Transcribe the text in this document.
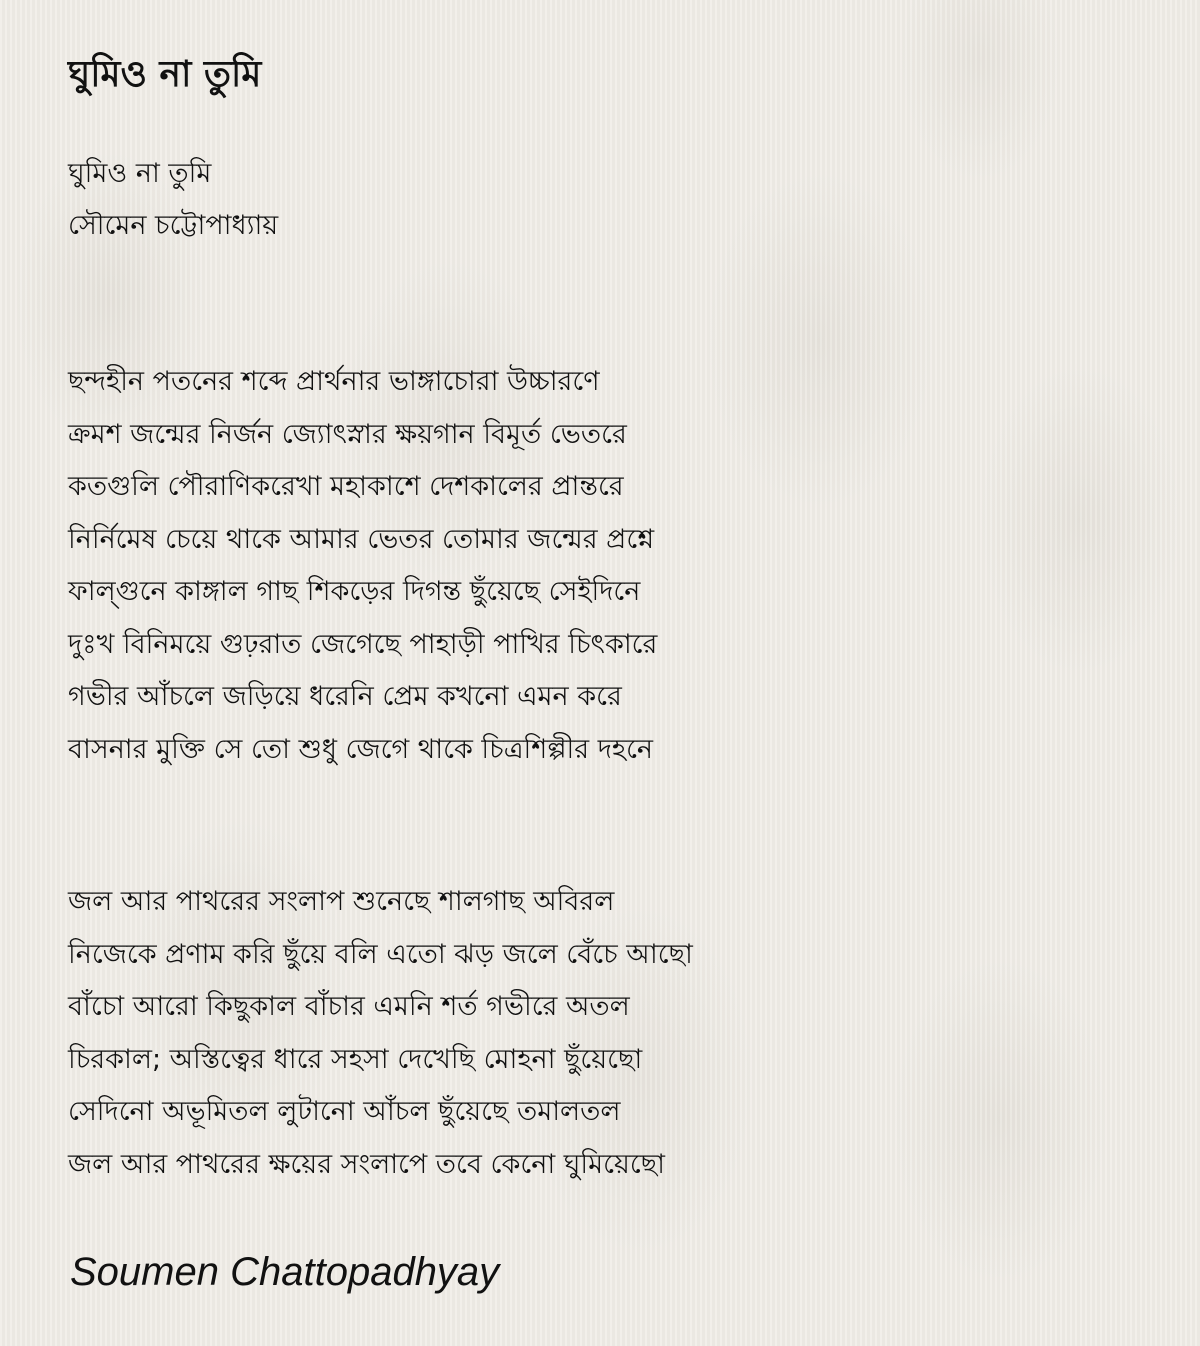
ঘুমিও না তুমি
ঘুমিও না তুমি
সৌমেন চট্টোপাধ্যায়
ছন্দহীন পতনের শব্দে প্রার্থনার ভাঙ্গাচোরা উচ্চারণে
ক্রমশ জন্মের নির্জন জ্যোৎস্নার ক্ষয়গান বিমূর্ত ভেতরে
কতগুলি পৌরাণিকরেখা মহাকাশে দেশকালের প্রান্তরে
নির্নিমেষ চেয়ে থাকে আমার ভেতর তোমার জন্মের প্রশ্নে
ফাল্গুনে কাঙ্গাল গাছ শিকড়ের দিগন্ত ছুঁয়েছে সেইদিনে
দুঃখ বিনিময়ে গুঢ়রাত জেগেছে পাহাড়ী পাখির চিৎকারে
গভীর আঁচলে জড়িয়ে ধরেনি প্রেম কখনো এমন করে
বাসনার মুক্তি সে তো শুধু জেগে থাকে চিত্রশিল্পীর দহনে
জল আর পাথরের সংলাপ শুনেছে শালগাছ অবিরল
নিজেকে প্রণাম করি ছুঁয়ে বলি এতো ঝড় জলে বেঁচে আছো
বাঁচো আরো কিছুকাল বাঁচার এমনি শর্ত গভীরে অতল
চিরকাল; অস্তিত্বের ধারে সহসা দেখেছি মোহনা ছুঁয়েছো
সেদিনো অভূমিতল লুটানো আঁচল ছুঁয়েছে তমালতল
জল আর পাথরের ক্ষয়ের সংলাপে তবে কেনো ঘুমিয়েছো
Soumen Chattopadhyay
